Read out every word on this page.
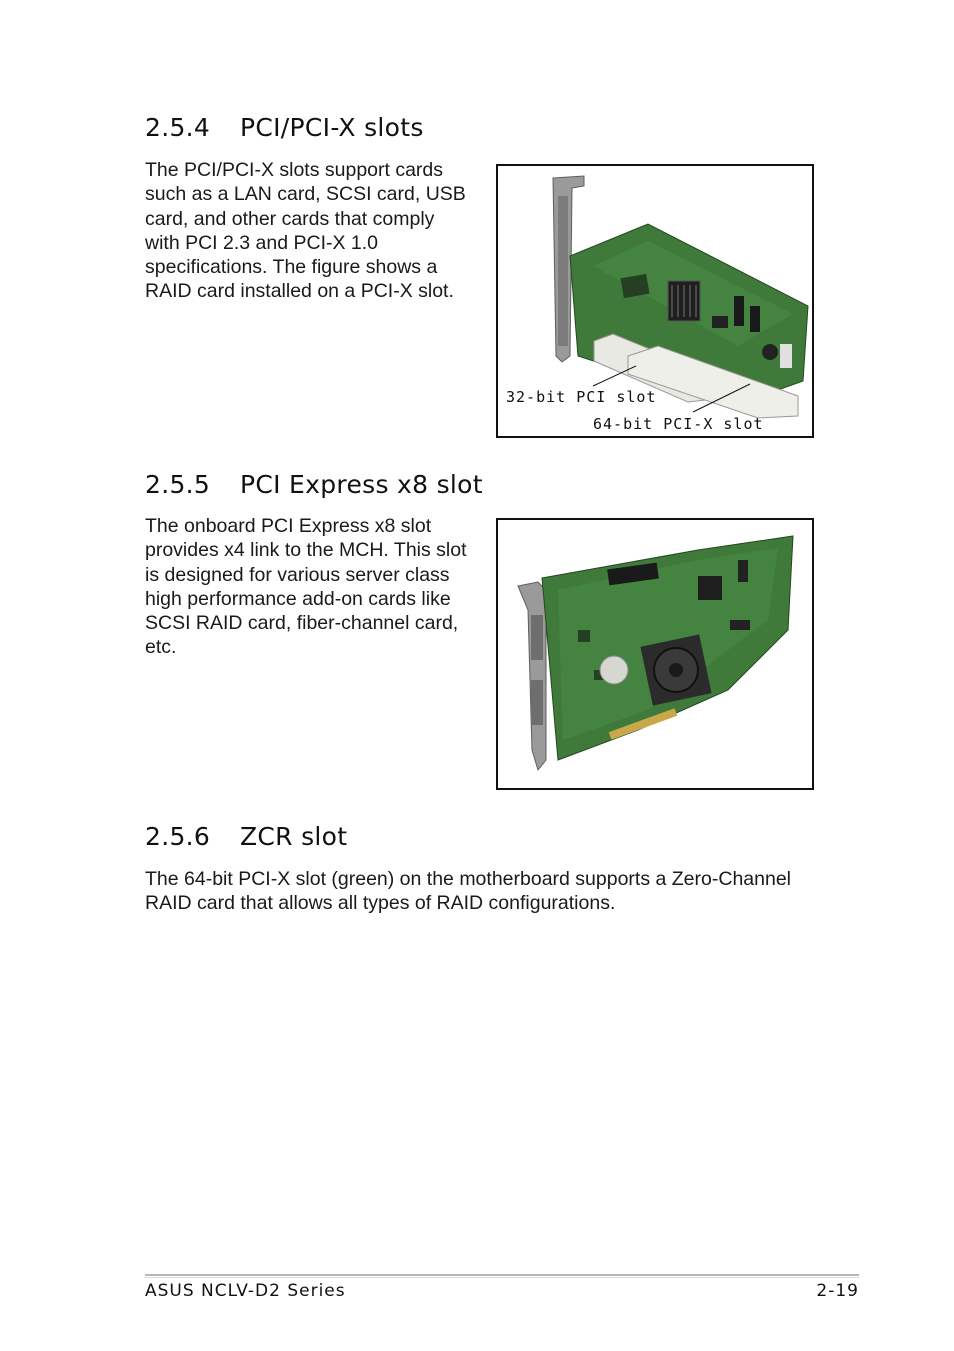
2.5.4 PCI/PCI-X slots

The PCI/PCI-X slots support cards
such as a LAN card, SCSI card, USB
card, and other cards that comply
with PCI 2.3 and PCI-X 1.0
specifications. The figure shows a
RAID card installed on a PCI-X slot.

32-bit PCI slot
64-bit PCI-X slot
2.5.5 PCI Express x8 slot

The onboard PCI Express x8 slot
provides x4 link to the MCH. This slot
is designed for various server class
high performance add-on cards like
SCSI RAID card, fiber-channel card,
etc.

2.5.6 ZCR slot

The 64-bit PCI-X slot (green) on the motherboard supports a Zero-Channel
RAID card that allows all types of RAID configurations.

ASUS NCLV-D2 Series	2-19
